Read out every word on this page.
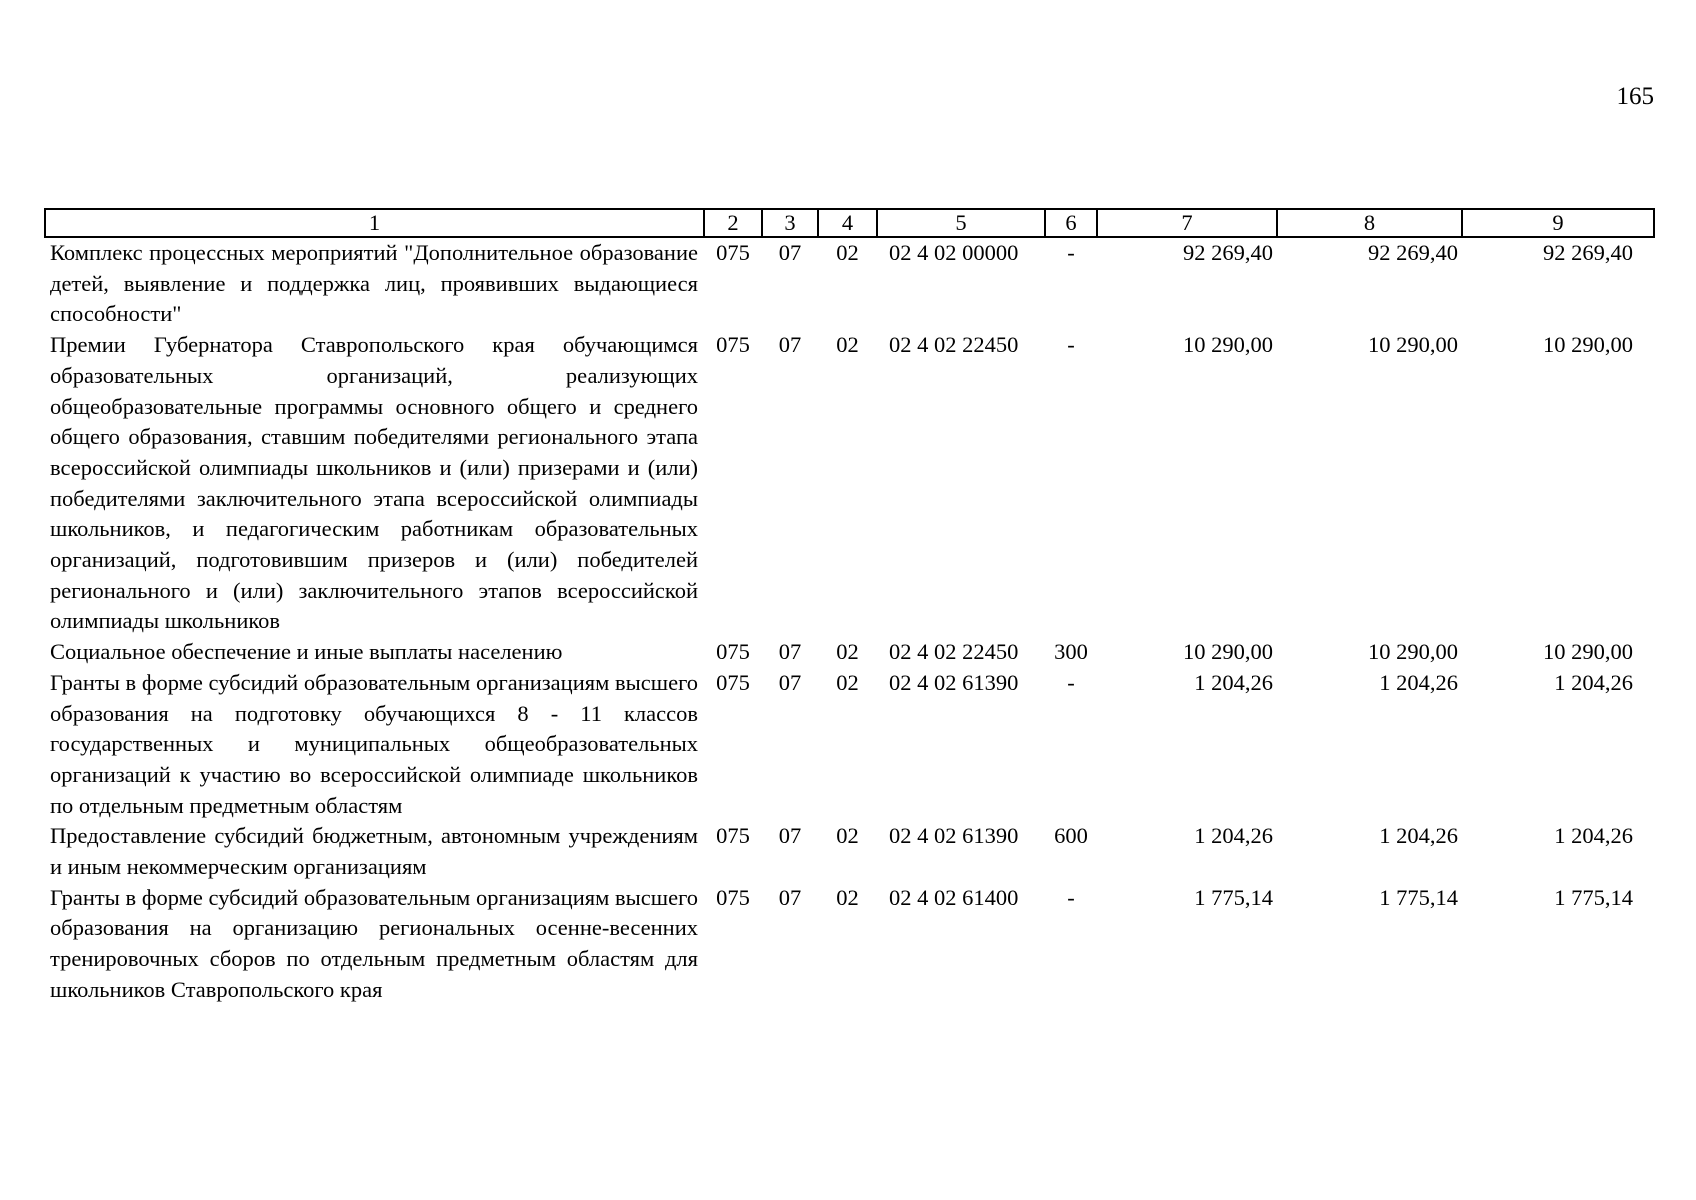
165
1	2	3	4	5	6	7	8	9
Комплекс процессных мероприятий "Дополнительное образование детей, выявление и поддержка лиц, проявивших выдающиеся способности"	075	07	02	02 4 02 00000	-	92 269,40	92 269,40	92 269,40
Премии Губернатора Ставропольского края обучающимся образовательных организаций, реализующих общеобразовательные программы основного общего и среднего общего образования, ставшим победителями регионального этапа всероссийской олимпиады школьников и (или) призерами и (или) победителями заключительного этапа всероссийской олимпиады школьников, и педагогическим работникам образовательных организаций, подготовившим призеров и (или) победителей регионального и (или) заключительного этапов всероссийской олимпиады школьников	075	07	02	02 4 02 22450	-	10 290,00	10 290,00	10 290,00
Социальное обеспечение и иные выплаты населению	075	07	02	02 4 02 22450	300	10 290,00	10 290,00	10 290,00
Гранты в форме субсидий образовательным организациям высшего образования на подготовку обучающихся 8 - 11 классов государственных и муниципальных общеобразовательных организаций к участию во всероссийской олимпиаде школьников по отдельным предметным областям	075	07	02	02 4 02 61390	-	1 204,26	1 204,26	1 204,26
Предоставление субсидий бюджетным, автономным учреждениям и иным некоммерческим организациям	075	07	02	02 4 02 61390	600	1 204,26	1 204,26	1 204,26
Гранты в форме субсидий образовательным организациям высшего образования на организацию региональных осенне-весенних тренировочных сборов по отдельным предметным областям для школьников Ставропольского края	075	07	02	02 4 02 61400	-	1 775,14	1 775,14	1 775,14
